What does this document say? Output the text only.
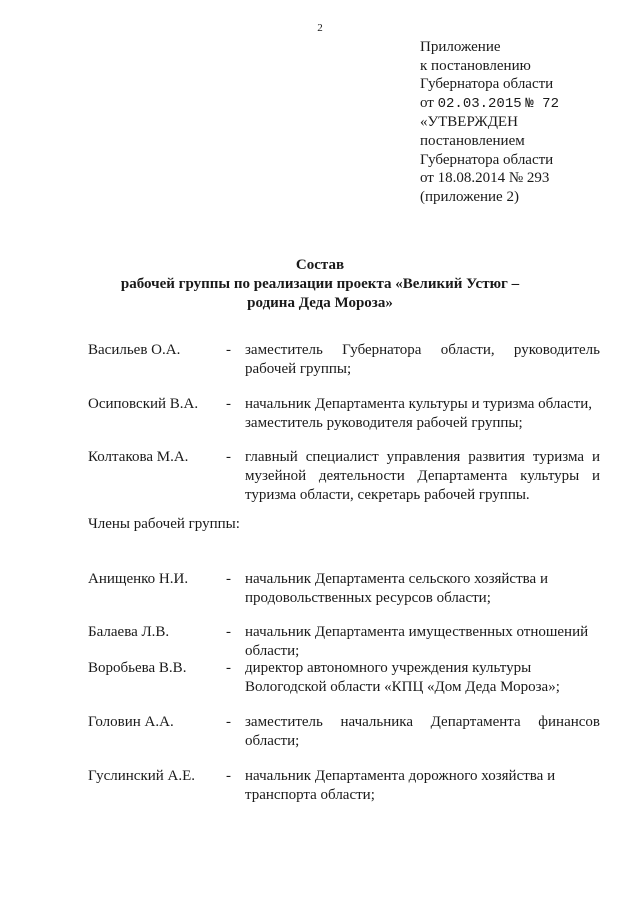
2
Приложение
к постановлению
Губернатора области
от 02.03.2015 № 72
«УТВЕРЖДЕН
постановлением
Губернатора области
от 18.08.2014 № 293
(приложение 2)
Состав
рабочей группы по реализации проекта «Великий Устюг –
родина Деда Мороза»
Васильев О.А.	- заместитель Губернатора области, руководитель рабочей группы;
Осиповский В.А.	- начальник Департамента культуры и туризма области, заместитель руководителя рабочей группы;
Колтакова М.А.	- главный специалист управления развития туризма и музейной деятельности Департамента культуры и туризма области, секретарь рабочей группы.
Члены рабочей группы:
Анищенко Н.И.	- начальник Департамента сельского хозяйства и продовольственных ресурсов области;
Балаева Л.В.	- начальник Департамента имущественных отношений области;
Воробьева В.В.	- директор автономного учреждения культуры Вологодской области «КПЦ «Дом Деда Мороза»;
Головин А.А.	- заместитель начальника Департамента финансов области;
Гуслинский А.Е.	- начальник Департамента дорожного хозяйства и транспорта области;
